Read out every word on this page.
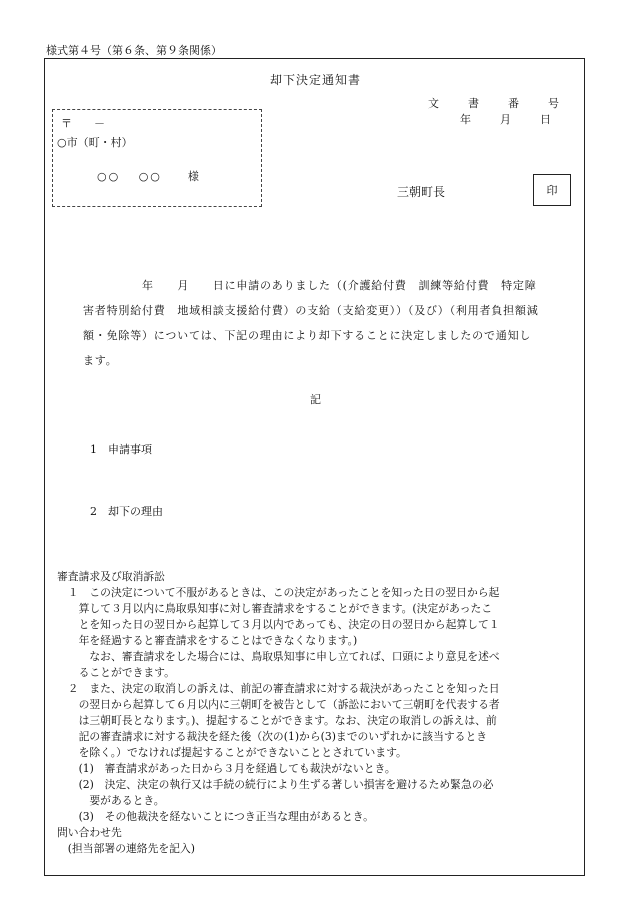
様式第４号（第６条、第９条関係）
却下決定通知書
文　書　番　号
年　月　日
〒　　－
○市（町・村）
○○　 ○○　　様
三朝町長	印
　　　　　年　　月　　日に申請のありました（(介護給付費　訓練等給付費　特定障
害者特別給付費　地域相談支援給付費）の支給（支給変更））（及び）（利用者負担額減
額・免除等）については、下記の理由により却下することに決定しましたので通知し
ます。
記
1　申請事項
2　却下の理由
審査請求及び取消訴訟
　１　この決定について不服があるときは、この決定があったことを知った日の翌日から起
　　算して３月以内に鳥取県知事に対し審査請求をすることができます。(決定があったこ
　　とを知った日の翌日から起算して３月以内であっても、決定の日の翌日から起算して１
　　年を経過すると審査請求をすることはできなくなります。)
　　　なお、審査請求をした場合には、鳥取県知事に申し立てれば、口頭により意見を述べ
　　ることができます。
　２　また、決定の取消しの訴えは、前記の審査請求に対する裁決があったことを知った日
　　の翌日から起算して６月以内に三朝町を被告として（訴訟において三朝町を代表する者
　　は三朝町長となります。)、提起することができます。なお、決定の取消しの訴えは、前
　　記の審査請求に対する裁決を経た後（次の(1)から(3)までのいずれかに該当するとき
　　を除く。）でなければ提起することができないこととされています。
　　(1)　審査請求があった日から３月を経過しても裁決がないとき。
　　(2)　決定、決定の執行又は手続の続行により生ずる著しい損害を避けるため緊急の必
　　　要があるとき。
　　(3)　その他裁決を経ないことにつき正当な理由があるとき。
問い合わせ先
　(担当部署の連絡先を記入)
